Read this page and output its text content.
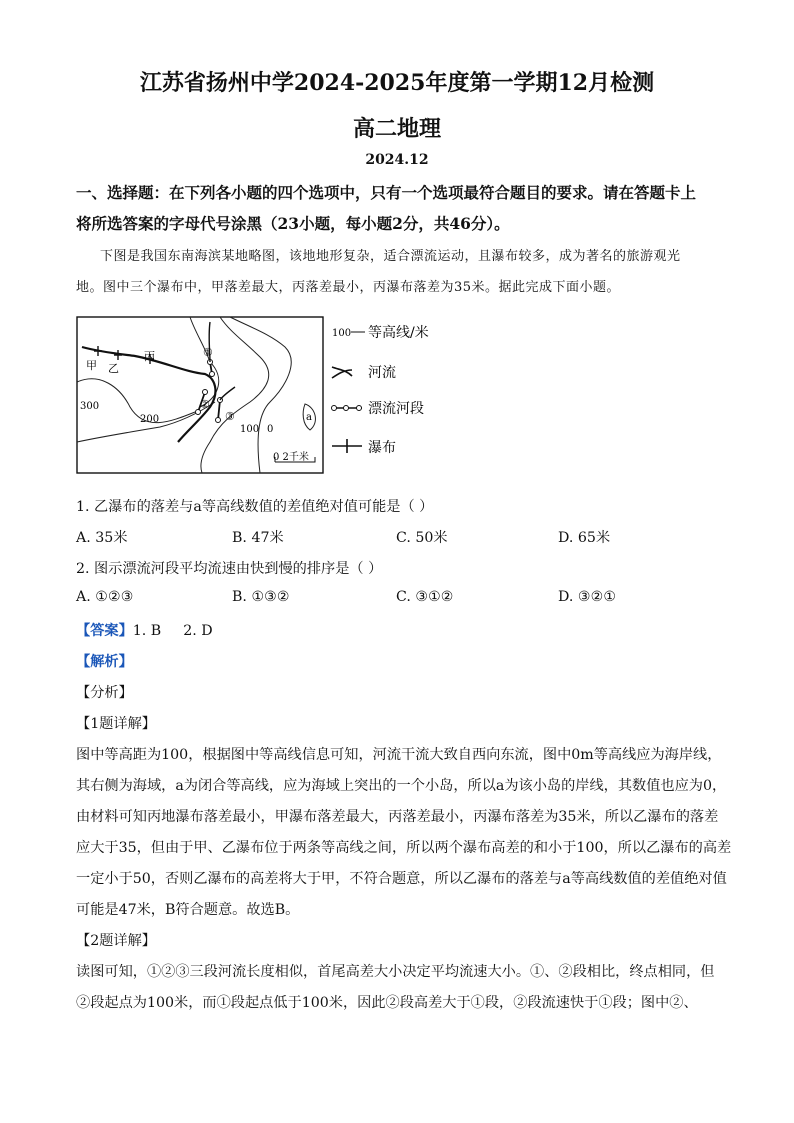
江苏省扬州中学2024-2025年度第一学期12月检测
高二地理
2024.12
一、选择题：在下列各小题的四个选项中，只有一个选项最符合题目的要求。请在答题卡上
将所选答案的字母代号涂黑（23小题，每小题2分，共46分）。
下图是我国东南海滨某地略图，该地地形复杂，适合漂流运动，且瀑布较多，成为著名的旅游观光
地。图中三个瀑布中，甲落差最大，丙落差最小，丙瀑布落差为35米。据此完成下面小题。
甲 乙
丙
300
200
100 0
a
①
②
③
0 2千米
100 等高线/米
河流
漂流河段
瀑布
1. 乙瀑布的落差与a等高线数值的差值绝对值可能是（ ）
A. 35米	B. 47米	C. 50米	D. 65米
2. 图示漂流河段平均流速由快到慢的排序是（ ）
A. ①②③	B. ①③②	C. ③①②	D. ③②①
【答案】1. B 2. D
【解析】
【分析】
【1题详解】
图中等高距为100，根据图中等高线信息可知，河流干流大致自西向东流，图中0m等高线应为海岸线，
其右侧为海域，a为闭合等高线，应为海域上突出的一个小岛，所以a为该小岛的岸线，其数值也应为0，
由材料可知丙地瀑布落差最小，甲瀑布落差最大，丙落差最小，丙瀑布落差为35米，所以乙瀑布的落差
应大于35，但由于甲、乙瀑布位于两条等高线之间，所以两个瀑布高差的和小于100，所以乙瀑布的高差
一定小于50，否则乙瀑布的高差将大于甲，不符合题意，所以乙瀑布的落差与a等高线数值的差值绝对值
可能是47米，B符合题意。故选B。
【2题详解】
读图可知，①②③三段河流长度相似，首尾高差大小决定平均流速大小。①、②段相比，终点相同，但
②段起点为100米，而①段起点低于100米，因此②段高差大于①段，②段流速快于①段；图中②、
